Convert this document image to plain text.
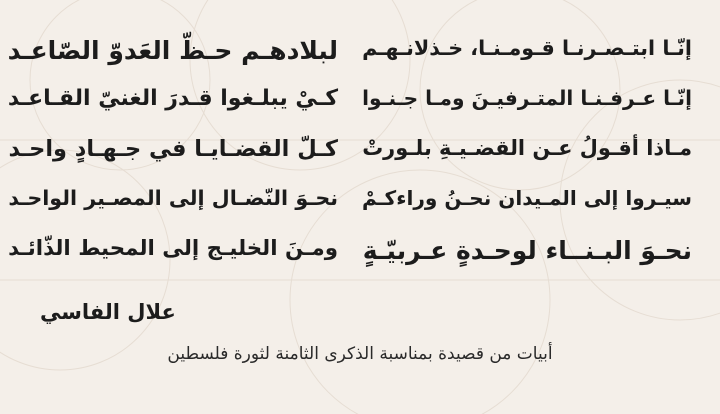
إنّـا ابتـصـرنـا قـومـنـا، خـذلانـهـم
لبلادهـم حـظّ العَدوّ الصّاعـد
إنّـا عـرفـنـا المتـرفيـنَ ومـا جـنـوا
كـيْ يبلـغوا قـدرَ الغنيّ القـاعـد
مـاذا أقـولُ عـن القضـيـةِ بلـورتْ
كـلّ القضـايـا في جـهـادٍ واحـد
سيـروا إلى المـيدان نحـنُ وراءكـمْ
نحـوَ النّضـال إلى المصـير الواحـد
نحـوَ البـنــاء لوحـدةٍ عـربيّـةٍ
ومـنَ الخليـج إلى المحيط الذّائـد
علال الفاسي
أبيات من قصيدة بمناسبة الذكرى الثامنة لثورة فلسطين
